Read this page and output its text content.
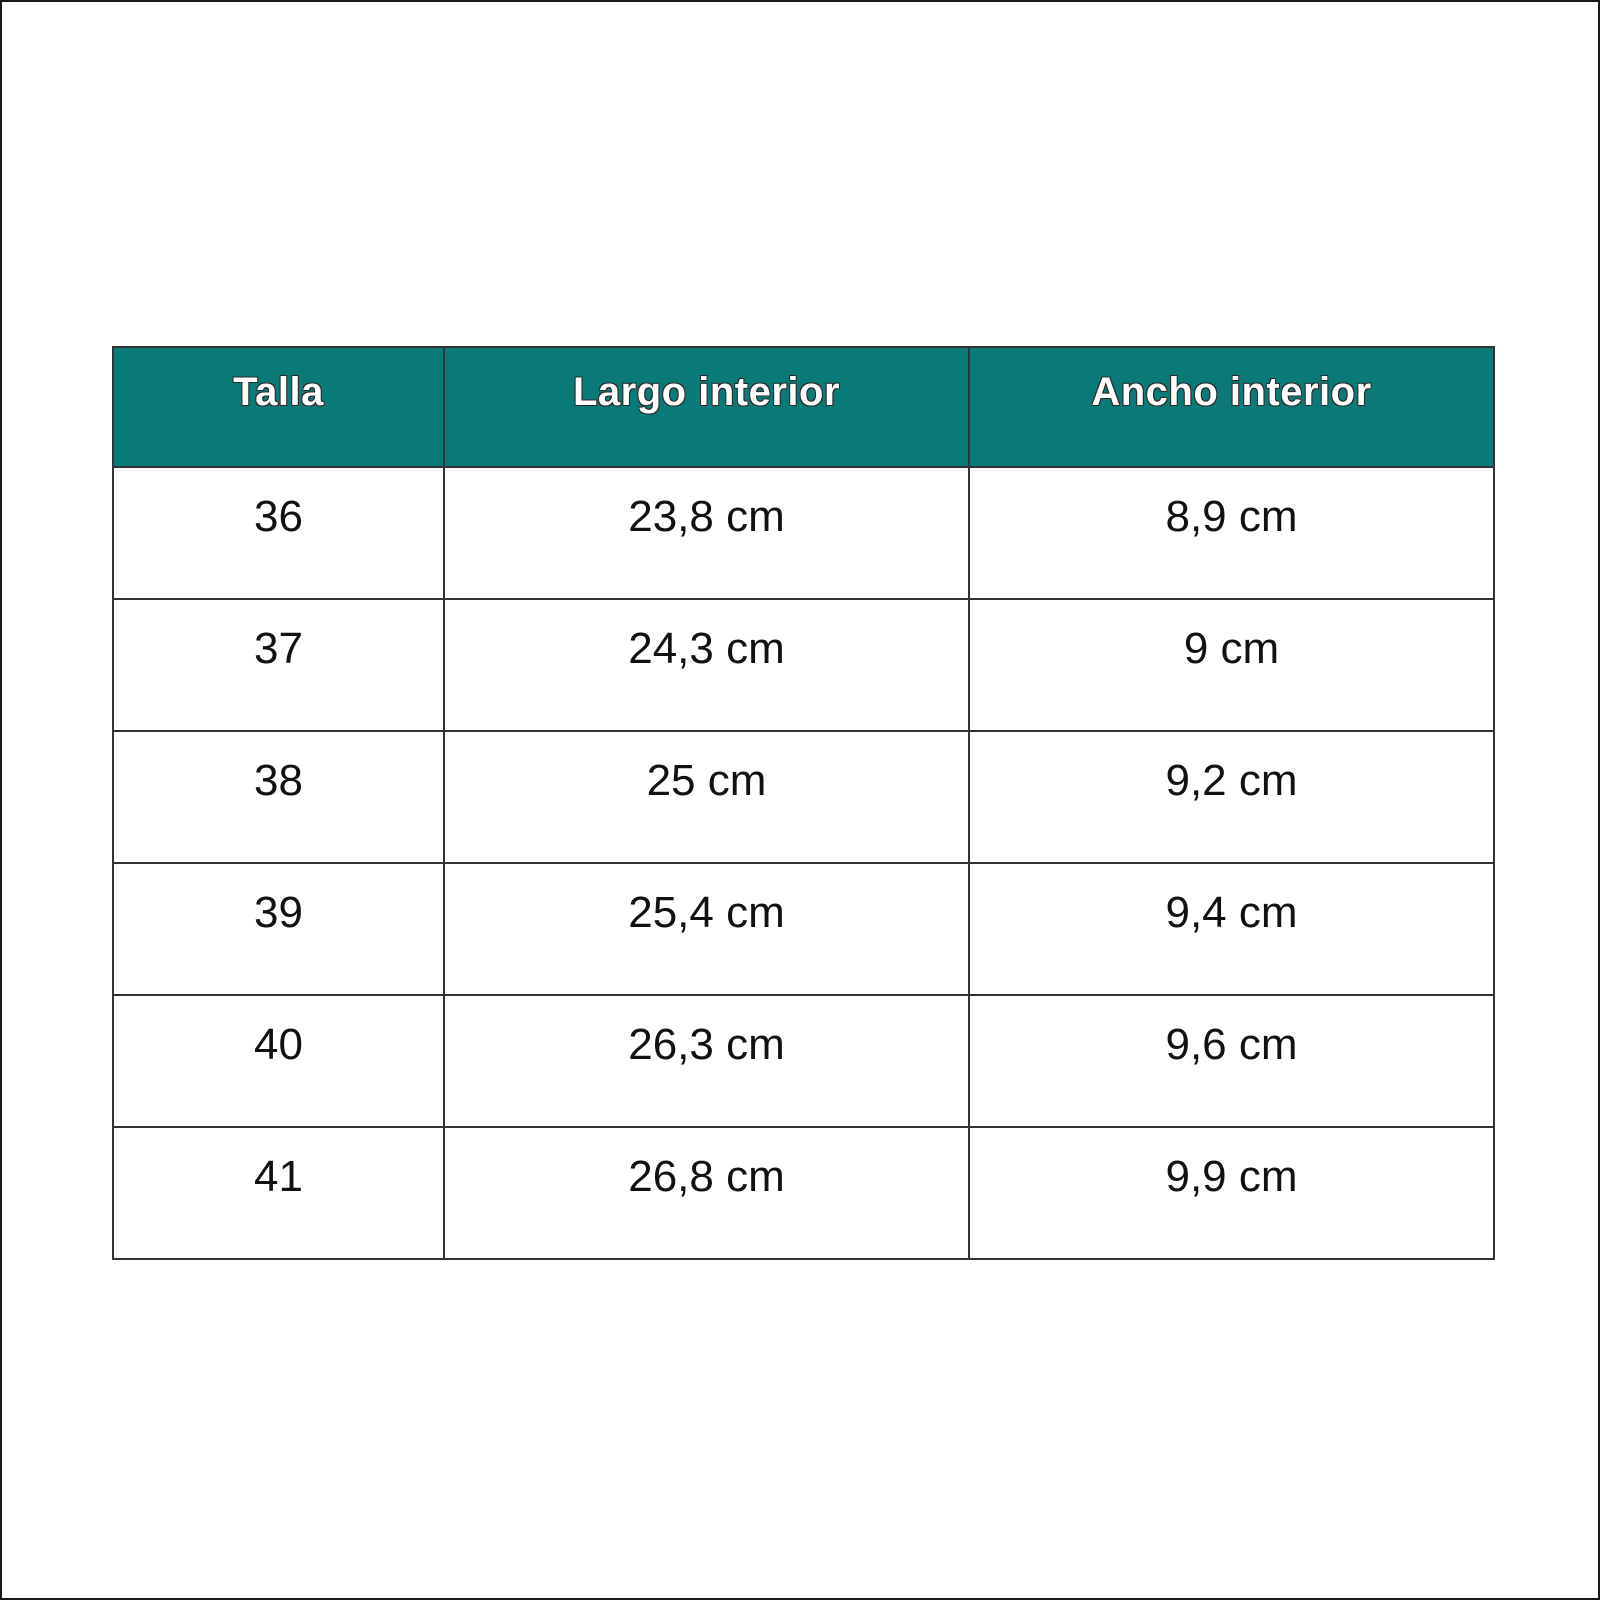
Talla	Largo interior	Ancho interior
36	23,8 cm	8,9 cm
37	24,3 cm	9 cm
38	25 cm	9,2 cm
39	25,4 cm	9,4 cm
40	26,3 cm	9,6 cm
41	26,8 cm	9,9 cm
